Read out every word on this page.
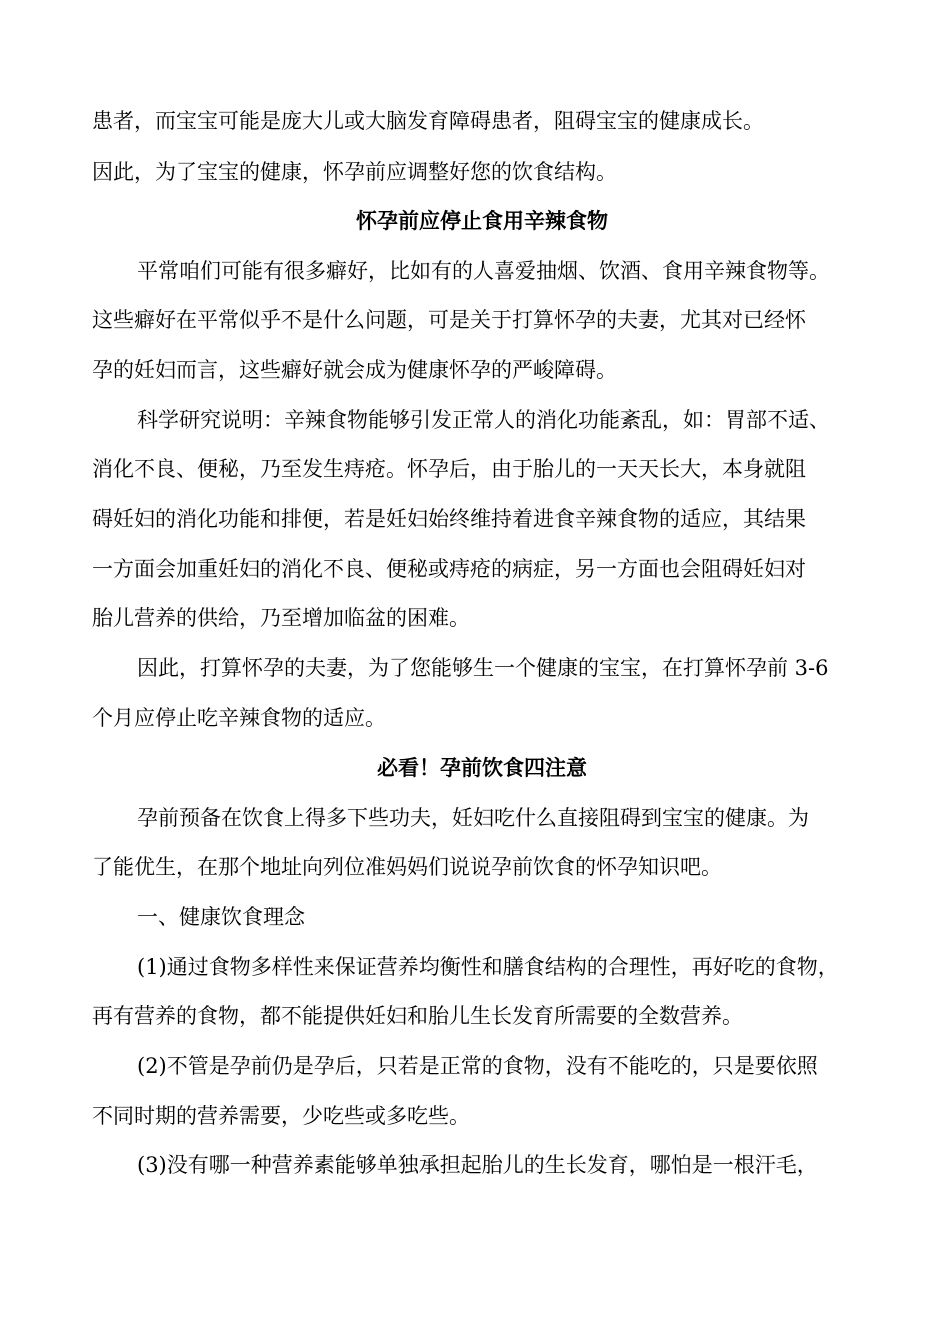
患者，而宝宝可能是庞大儿或大脑发育障碍患者，阻碍宝宝的健康成长。
因此，为了宝宝的健康，怀孕前应调整好您的饮食结构。
怀孕前应停止食用辛辣食物
平常咱们可能有很多癖好，比如有的人喜爱抽烟、饮酒、食用辛辣食物等。
这些癖好在平常似乎不是什么问题，可是关于打算怀孕的夫妻，尤其对已经怀
孕的妊妇而言，这些癖好就会成为健康怀孕的严峻障碍。
科学研究说明：辛辣食物能够引发正常人的消化功能紊乱，如：胃部不适、
消化不良、便秘，乃至发生痔疮。怀孕后，由于胎儿的一天天长大，本身就阻
碍妊妇的消化功能和排便，若是妊妇始终维持着进食辛辣食物的适应，其结果
一方面会加重妊妇的消化不良、便秘或痔疮的病症，另一方面也会阻碍妊妇对
胎儿营养的供给，乃至增加临盆的困难。
因此，打算怀孕的夫妻，为了您能够生一个健康的宝宝，在打算怀孕前 3-6
个月应停止吃辛辣食物的适应。
必看！孕前饮食四注意
孕前预备在饮食上得多下些功夫，妊妇吃什么直接阻碍到宝宝的健康。为
了能优生，在那个地址向列位准妈妈们说说孕前饮食的怀孕知识吧。
一、健康饮食理念
(1)通过食物多样性来保证营养均衡性和膳食结构的合理性，再好吃的食物，
再有营养的食物，都不能提供妊妇和胎儿生长发育所需要的全数营养。
(2)不管是孕前仍是孕后，只若是正常的食物，没有不能吃的，只是要依照
不同时期的营养需要，少吃些或多吃些。
(3)没有哪一种营养素能够单独承担起胎儿的生长发育，哪怕是一根汗毛，
